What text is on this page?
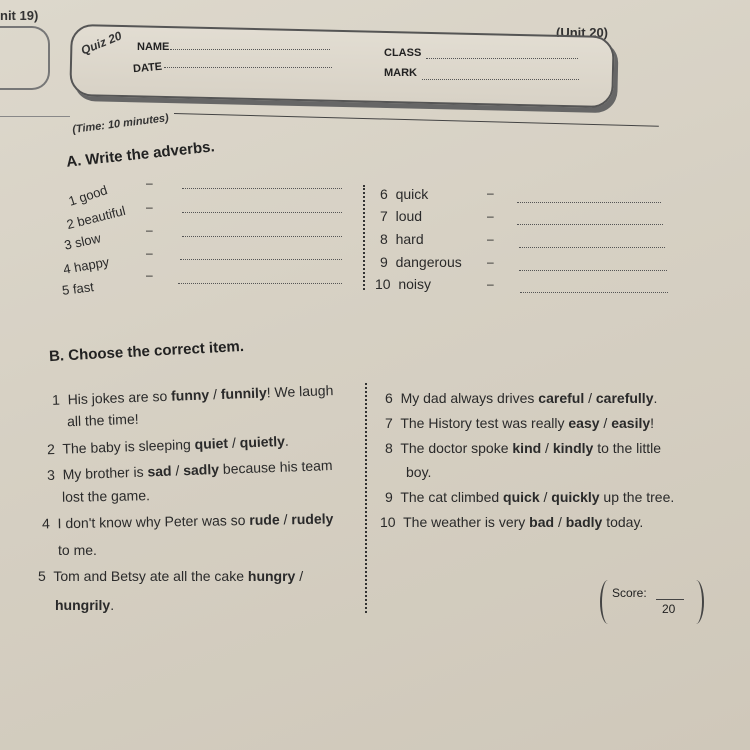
nit 19)
(Unit 20)
Quiz 20 NAME
DATE
CLASS
MARK
(Time: 10 minutes)
A. Write the adverbs.
1 good
2 beautiful
3 slow
4 happy
5 fast
–
–
–
–
–
6 quick
7 loud
8 hard
9 dangerous
10 noisy
–
–
–
–
–
B. Choose the correct item.
1 His jokes are so funny / funnily! We laugh
all the time!
2 The baby is sleeping quiet / quietly.
3 My brother is sad / sadly because his team
lost the game.
4 I don't know why Peter was so rude / rudely
to me.
5 Tom and Betsy ate all the cake hungry /
hungrily.
6 My dad always drives careful / carefully.
7 The History test was really easy / easily!
8 The doctor spoke kind / kindly to the little
boy.
9 The cat climbed quick / quickly up the tree.
10 The weather is very bad / badly today.
Score:
20
